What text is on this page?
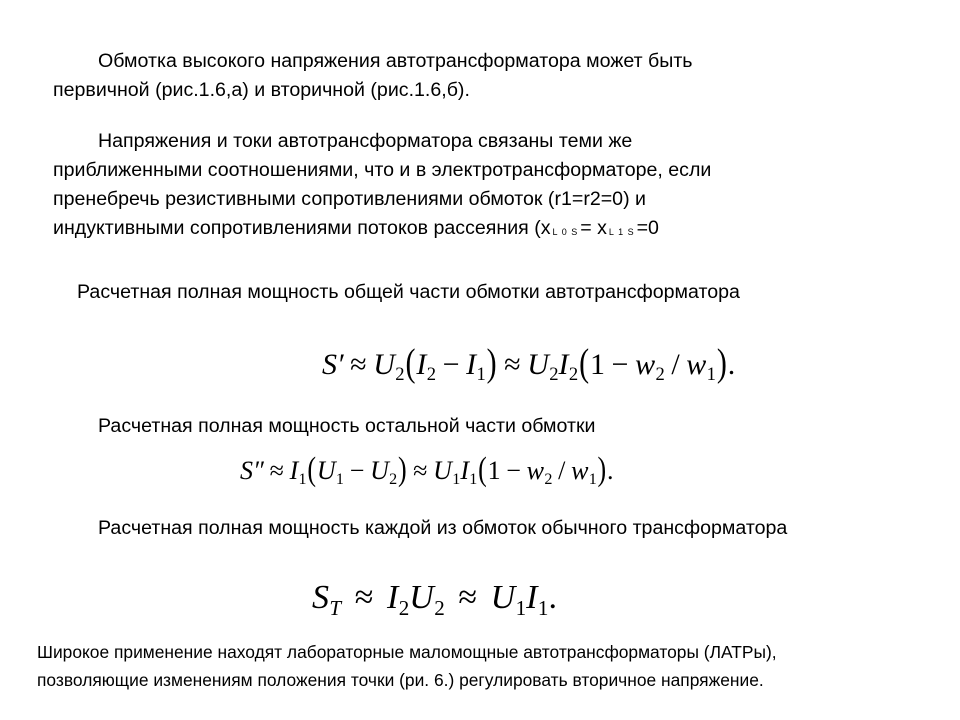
Обмотка высокого напряжения автотрансформатора может быть
первичной (рис.1.6,а) и вторичной (рис.1.6,б).
Напряжения и токи автотрансформатора связаны теми же
приближенными соотношениями, что и в электротрансформаторе, если
пренебречь резистивными сопротивлениями обмоток (r1=r2=0) и
индуктивными сопротивлениями потоков рассеяния (x L 0 S = x L 1 S =0
Расчетная полная мощность общей части обмотки автотрансформатора
$S' \approx U_2(I_2 - I_1) \approx U_2I_2(1 - w_2 / w_1)$.
Расчетная полная мощность остальной части обмотки
$S'' \approx I_1(U_1 - U_2) \approx U_1I_1(1 - w_2 / w_1)$.
Расчетная полная мощность каждой из обмоток обычного трансформатора
$S_T \approx I_2U_2 \approx U_1I_1$.
Широкое применение находят лабораторные маломощные автотрансформаторы (ЛАТРы),
позволяющие изменениям положения точки (ри. 6.) регулировать вторичное напряжение.
